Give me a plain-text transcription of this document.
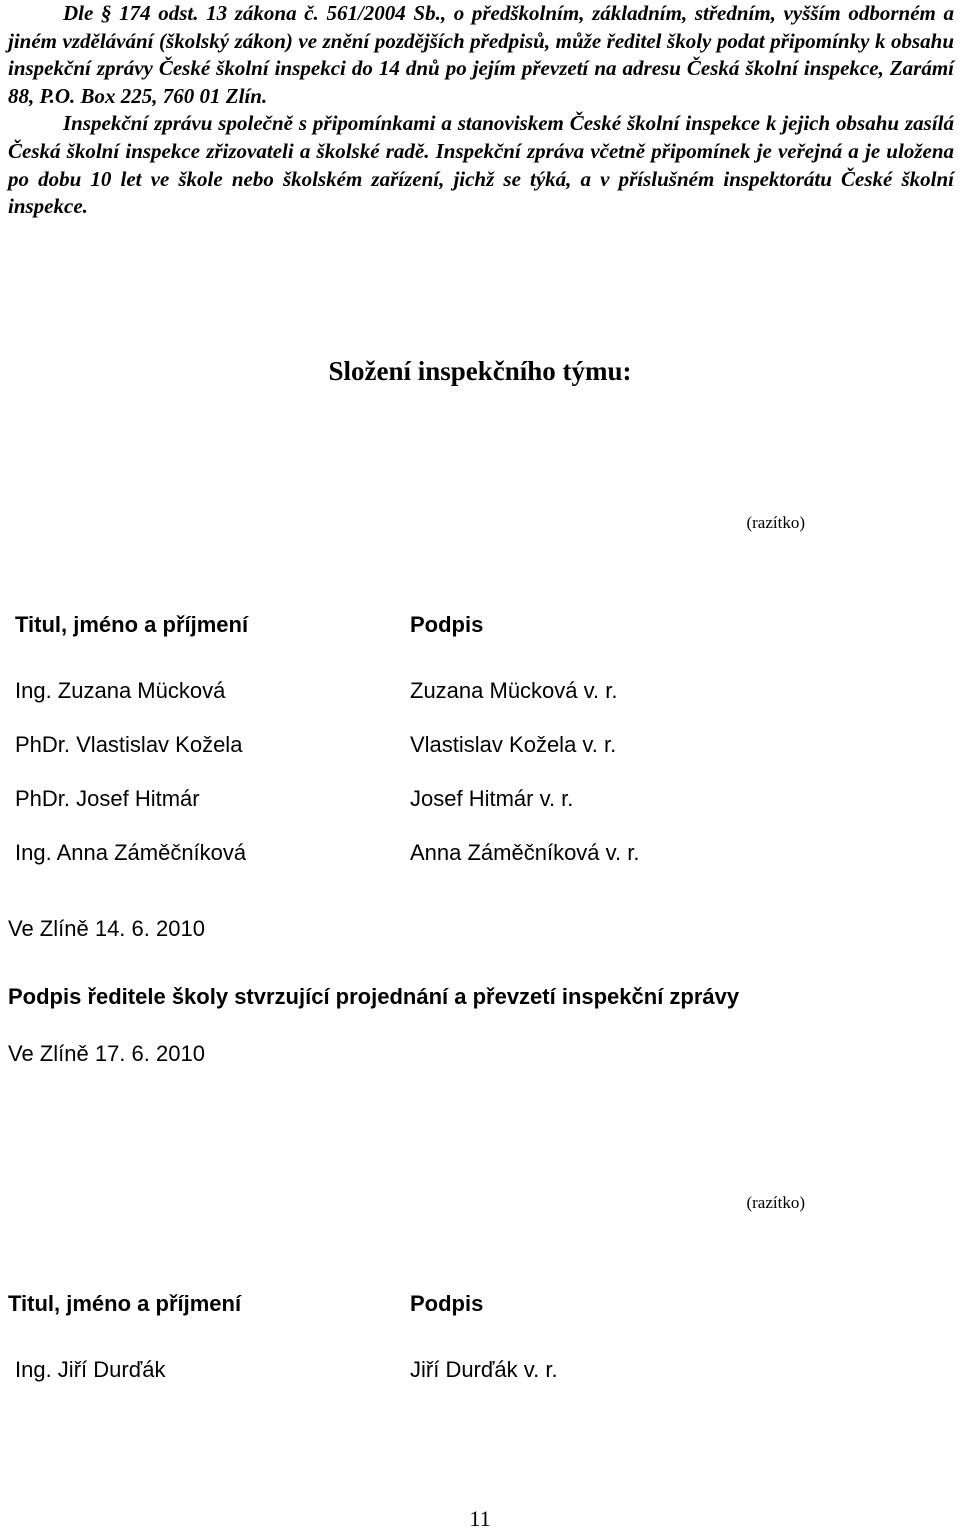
Dle § 174 odst. 13 zákona č. 561/2004 Sb., o předškolním, základním, středním, vyšším odborném a jiném vzdělávání (školský zákon) ve znění pozdějších předpisů, může ředitel školy podat připomínky k obsahu inspekční zprávy České školní inspekci do 14 dnů po jejím převzetí na adresu Česká školní inspekce, Zarámí 88, P.O. Box 225, 760 01 Zlín.

Inspekční zprávu společně s připomínkami a stanoviskem České školní inspekce k jejich obsahu zasílá Česká školní inspekce zřizovateli a školské radě. Inspekční zpráva včetně připomínek je veřejná a je uložena po dobu 10 let ve škole nebo školském zařízení, jichž se týká, a v příslušném inspektorátu České školní inspekce.

Složení inspekčního týmu:
(razítko)
Titul, jméno a příjmení	Podpis
Ing. Zuzana Mücková	Zuzana Mücková v. r.
PhDr. Vlastislav Kožela	Vlastislav Kožela v. r.
PhDr. Josef Hitmár	Josef Hitmár v. r.
Ing. Anna Záměčníková	Anna Záměčníková v. r.
Ve Zlíně 14. 6. 2010
Podpis ředitele školy stvrzující projednání a převzetí inspekční zprávy
Ve Zlíně 17. 6. 2010
(razítko)
Titul, jméno a příjmení	Podpis
Ing. Jiří Durďák	Jiří Durďák v. r.
11
